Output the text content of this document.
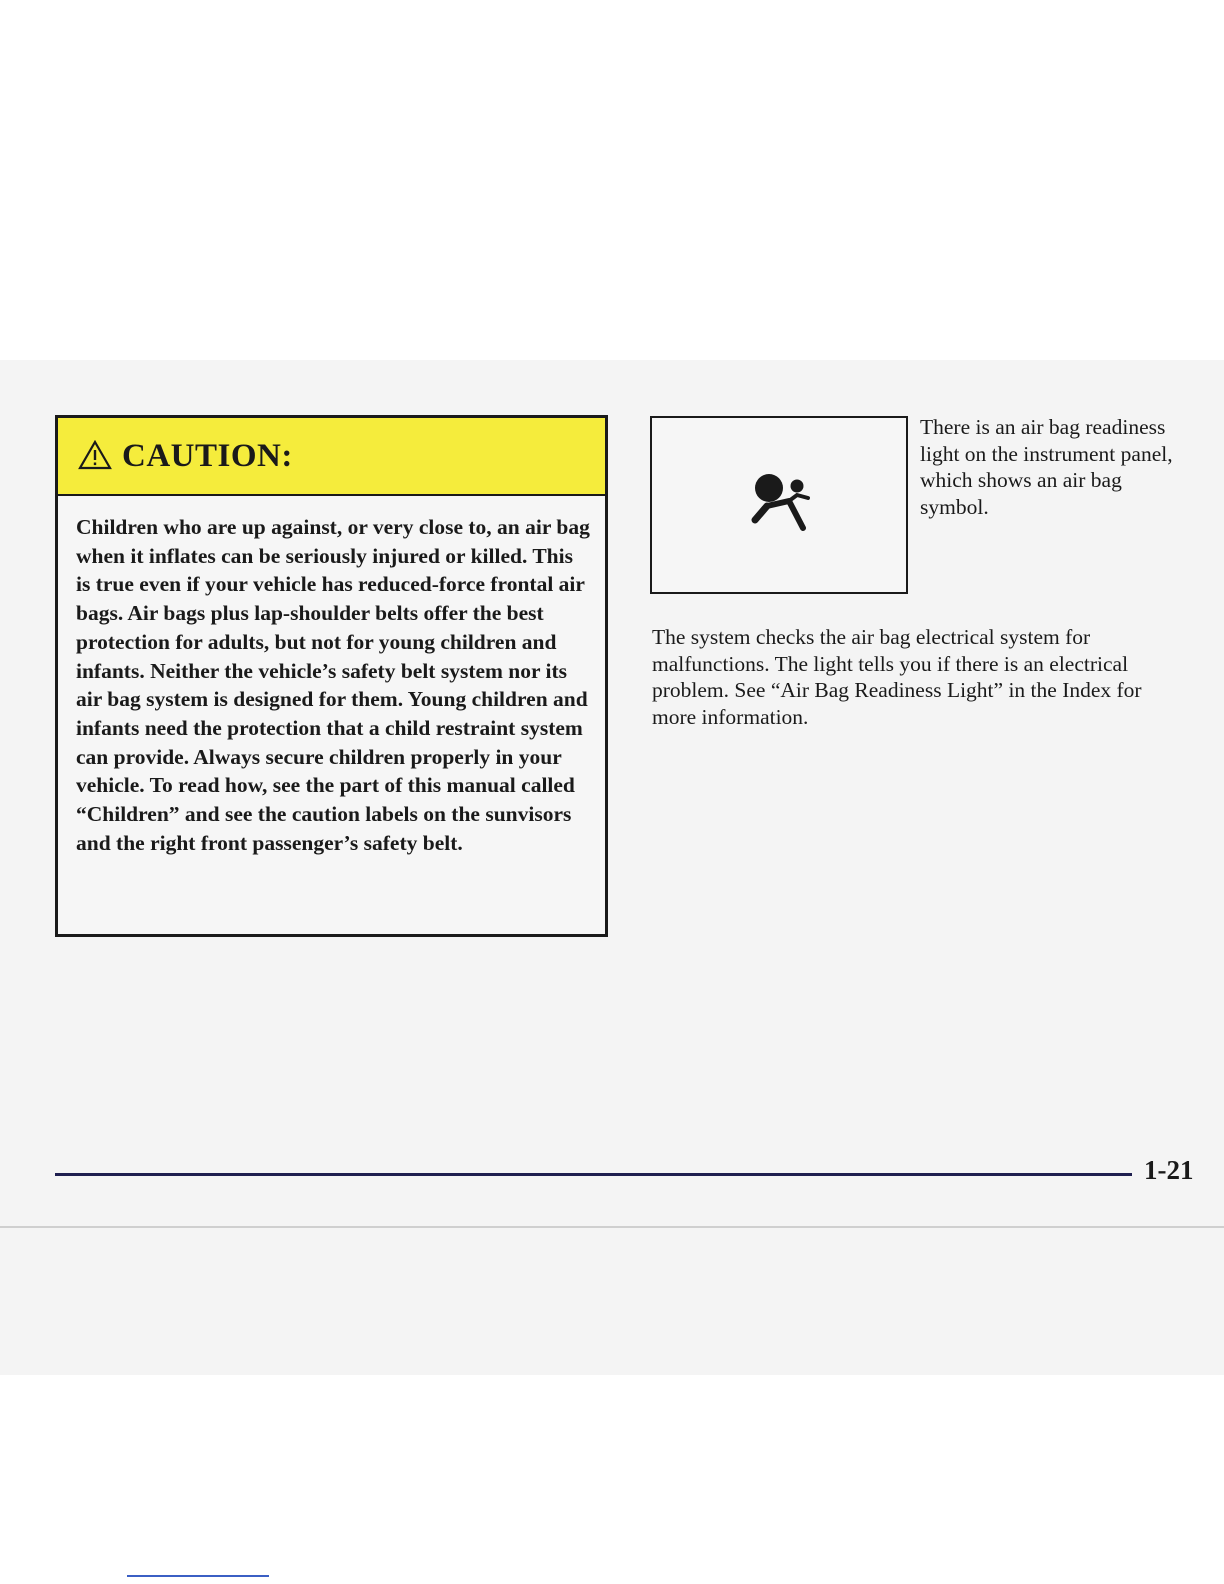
CAUTION:
Children who are up against, or very close to, an air bag when it inflates can be seriously injured or killed. This is true even if your vehicle has reduced-force frontal air bags. Air bags plus lap-shoulder belts offer the best protection for adults, but not for young children and infants. Neither the vehicle’s safety belt system nor its air bag system is designed for them. Young children and infants need the protection that a child restraint system can provide. Always secure children properly in your vehicle. To read how, see the part of this manual called “Children” and see the caution labels on the sunvisors and the right front passenger’s safety belt.
There is an air bag readiness light on the instrument panel, which shows an air bag symbol.
The system checks the air bag electrical system for malfunctions. The light tells you if there is an electrical problem. See “Air Bag Readiness Light” in the Index for more information.
1-21
